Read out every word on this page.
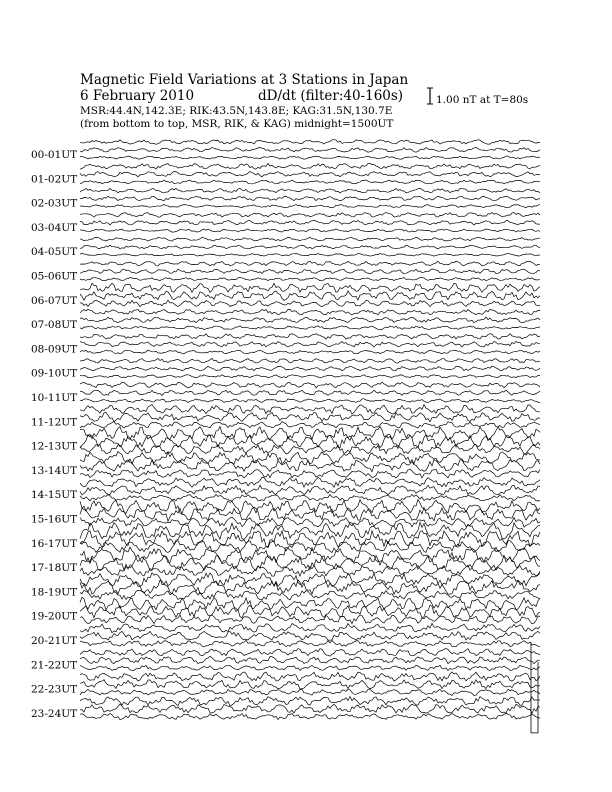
Magnetic Field Variations at 3 Stations in Japan
6 February 2010	dD/dt (filter:40-160s)
MSR:44.4N,142.3E; RIK:43.5N,143.8E; KAG:31.5N,130.7E
(from bottom to top, MSR, RIK, & KAG) midnight=1500UT
1.00 nT at T=80s
00-01UT
01-02UT
02-03UT
03-04UT
04-05UT
05-06UT
06-07UT
07-08UT
08-09UT
09-10UT
10-11UT
11-12UT
12-13UT
13-14UT
14-15UT
15-16UT
16-17UT
17-18UT
18-19UT
19-20UT
20-21UT
21-22UT
22-23UT
23-24UT
